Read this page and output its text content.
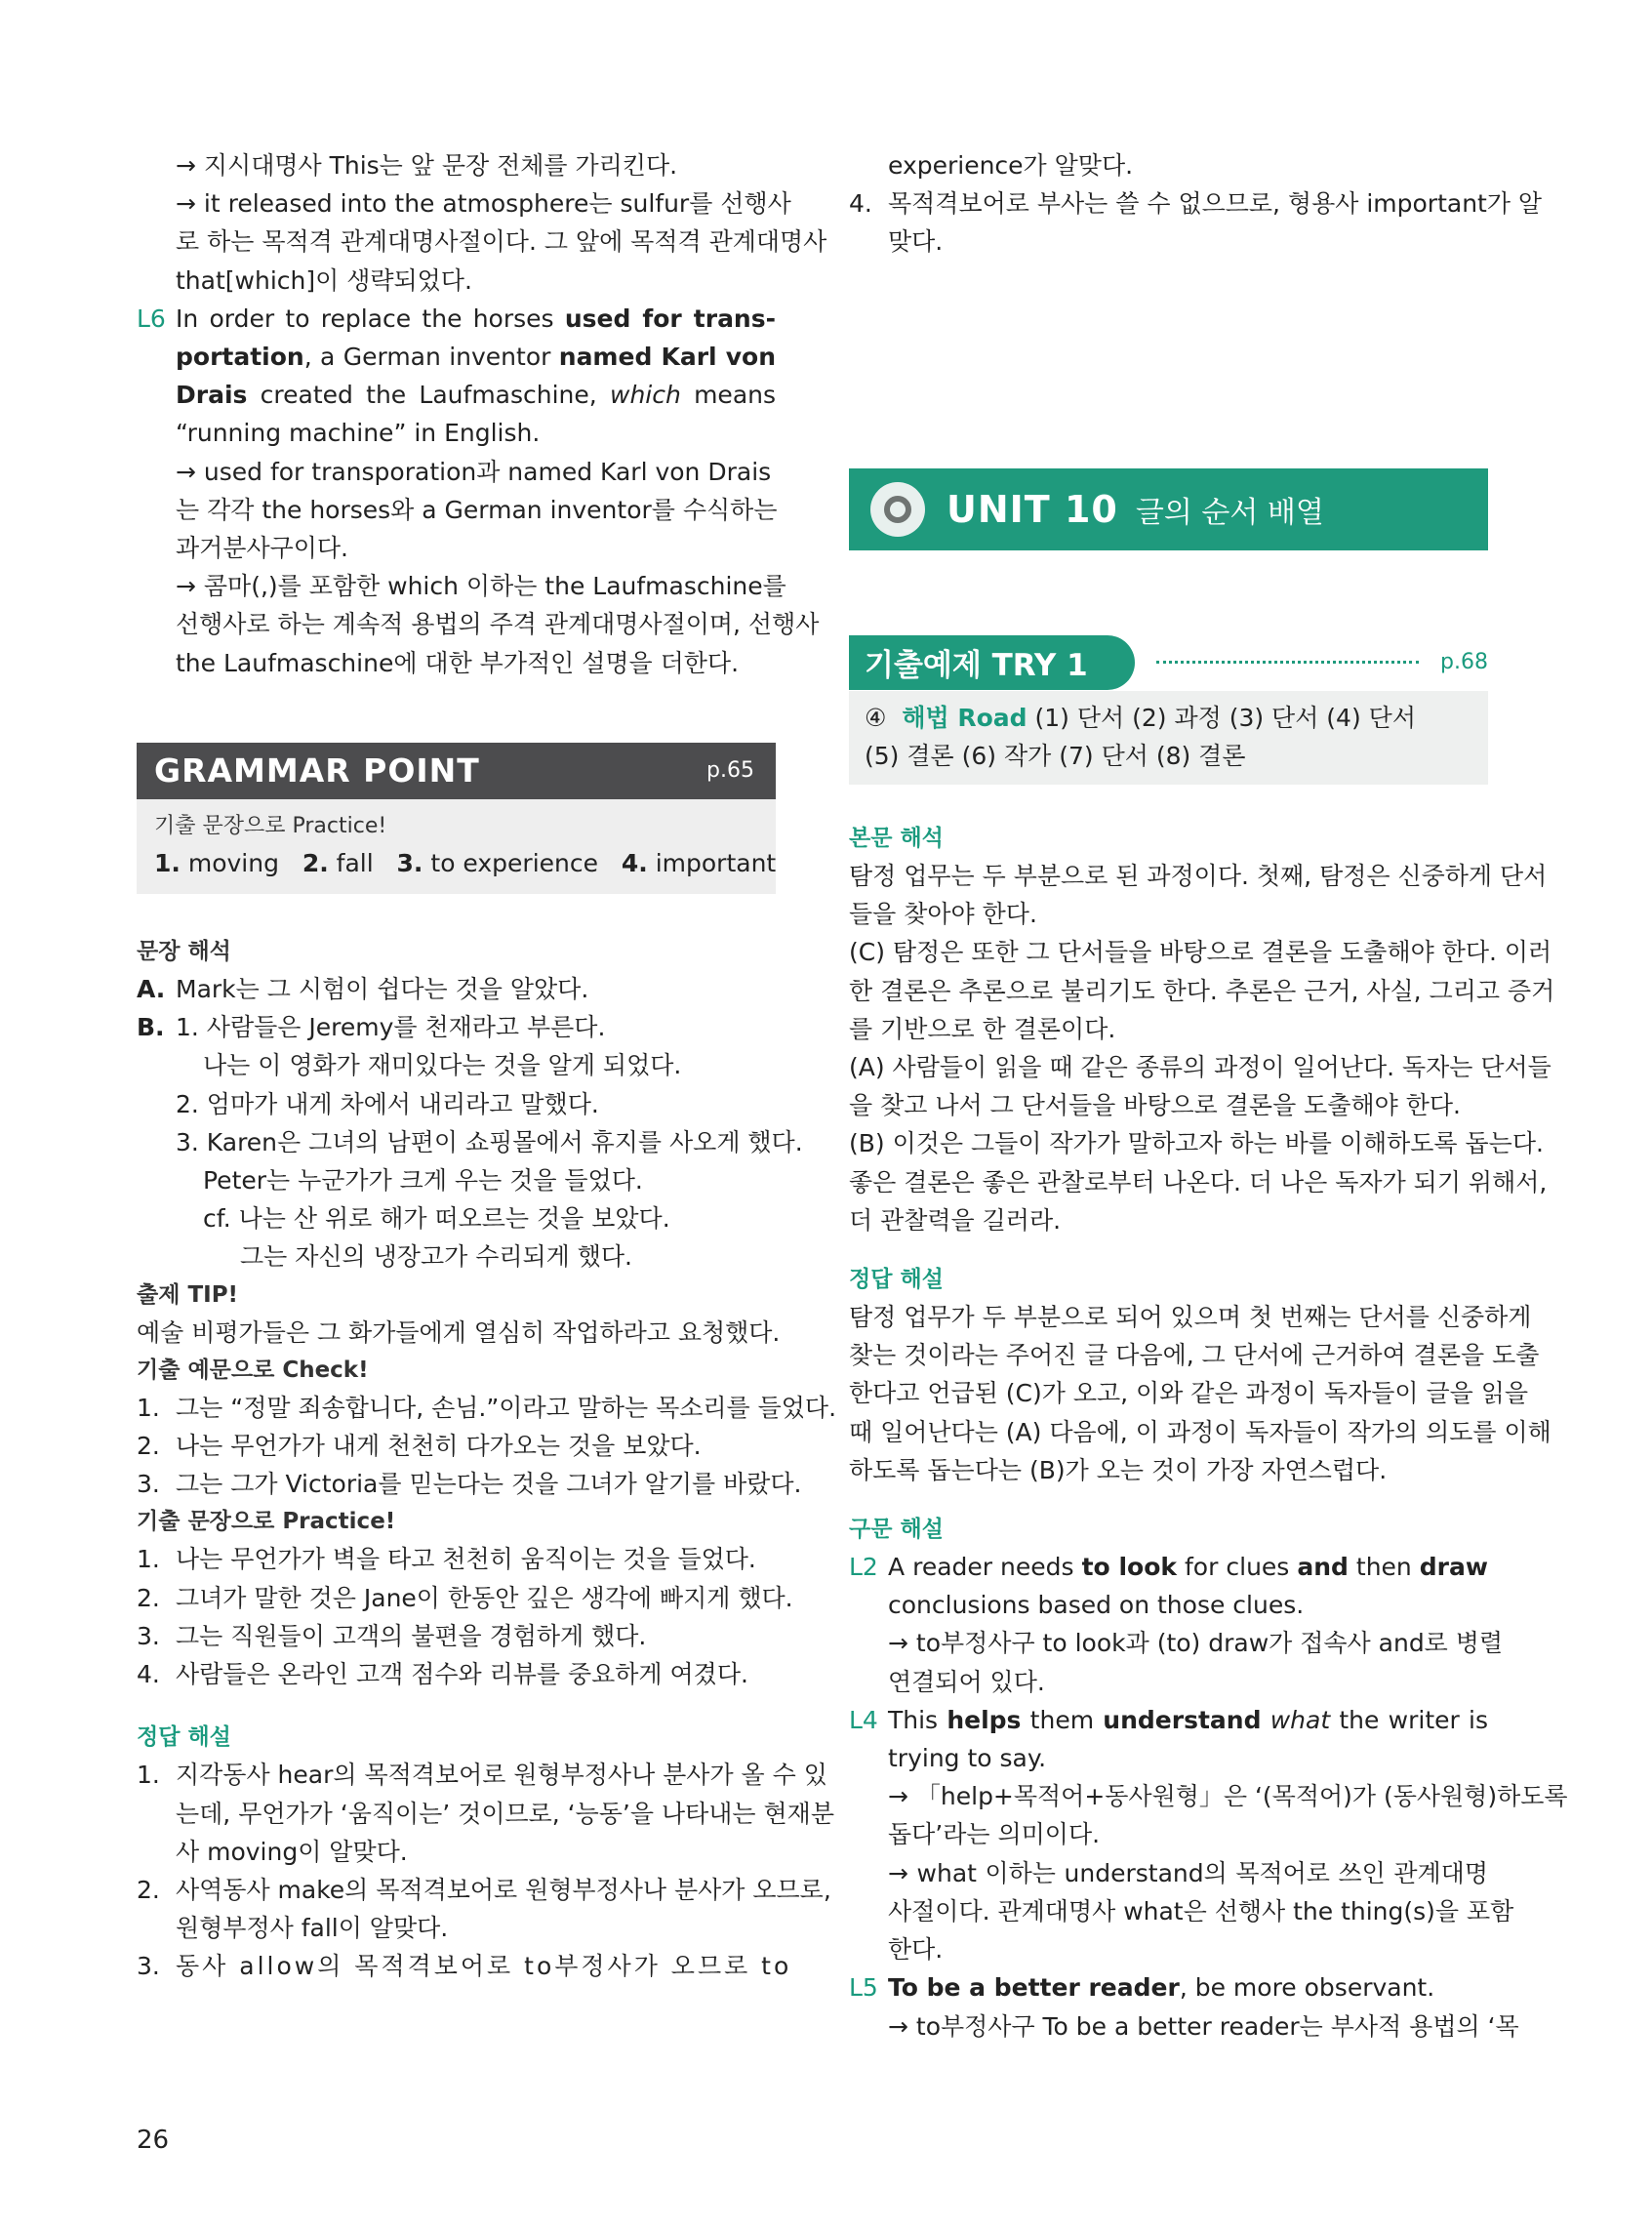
→ 지시대명사 This는 앞 문장 전체를 가리킨다.
→ it released into the atmosphere는 sulfur를 선행사
로 하는 목적격 관계대명사절이다. 그 앞에 목적격 관계대명사
that[which]이 생략되었다.
L6 In order to replace the horses used for trans-
portation, a German inventor named Karl von
Drais created the Laufmaschine, which means
“running machine” in English.
→ used for transporation과 named Karl von Drais
는 각각 the horses와 a German inventor를 수식하는
과거분사구이다.
→ 콤마(,)를 포함한 which 이하는 the Laufmaschine를
선행사로 하는 계속적 용법의 주격 관계대명사절이며, 선행사
the Laufmaschine에 대한 부가적인 설명을 더한다.
GRAMMAR POINT	p.65
기출 문장으로 Practice!
1. moving 2. fall 3. to experience 4. important
문장 해석
A. Mark는 그 시험이 쉽다는 것을 알았다.
B. 1. 사람들은 Jeremy를 천재라고 부른다.
나는 이 영화가 재미있다는 것을 알게 되었다.
2. 엄마가 내게 차에서 내리라고 말했다.
3. Karen은 그녀의 남편이 쇼핑몰에서 휴지를 사오게 했다.
Peter는 누군가가 크게 우는 것을 들었다.
cf. 나는 산 위로 해가 떠오르는 것을 보았다.
그는 자신의 냉장고가 수리되게 했다.
출제 TIP!
예술 비평가들은 그 화가들에게 열심히 작업하라고 요청했다.
기출 예문으로 Check!
1. 그는 “정말 죄송합니다, 손님.”이라고 말하는 목소리를 들었다.
2. 나는 무언가가 내게 천천히 다가오는 것을 보았다.
3. 그는 그가 Victoria를 믿는다는 것을 그녀가 알기를 바랐다.
기출 문장으로 Practice!
1. 나는 무언가가 벽을 타고 천천히 움직이는 것을 들었다.
2. 그녀가 말한 것은 Jane이 한동안 깊은 생각에 빠지게 했다.
3. 그는 직원들이 고객의 불편을 경험하게 했다.
4. 사람들은 온라인 고객 점수와 리뷰를 중요하게 여겼다.
정답 해설
1. 지각동사 hear의 목적격보어로 원형부정사나 분사가 올 수 있
는데, 무언가가 ‘움직이는’ 것이므로, ‘능동’을 나타내는 현재분
사 moving이 알맞다.
2. 사역동사 make의 목적격보어로 원형부정사나 분사가 오므로,
원형부정사 fall이 알맞다.
3. 동사 allow의 목적격보어로 to부정사가 오므로 to
26
experience가 알맞다.
4. 목적격보어로 부사는 쓸 수 없으므로, 형용사 important가 알
맞다.
UNIT 10 글의 순서 배열
기출예제 TRY 1	p.68
④ 해법 Road (1) 단서 (2) 과정 (3) 단서 (4) 단서
(5) 결론 (6) 작가 (7) 단서 (8) 결론
본문 해석
탐정 업무는 두 부분으로 된 과정이다. 첫째, 탐정은 신중하게 단서
들을 찾아야 한다.
(C) 탐정은 또한 그 단서들을 바탕으로 결론을 도출해야 한다. 이러
한 결론은 추론으로 불리기도 한다. 추론은 근거, 사실, 그리고 증거
를 기반으로 한 결론이다.
(A) 사람들이 읽을 때 같은 종류의 과정이 일어난다. 독자는 단서들
을 찾고 나서 그 단서들을 바탕으로 결론을 도출해야 한다.
(B) 이것은 그들이 작가가 말하고자 하는 바를 이해하도록 돕는다.
좋은 결론은 좋은 관찰로부터 나온다. 더 나은 독자가 되기 위해서,
더 관찰력을 길러라.
정답 해설
탐정 업무가 두 부분으로 되어 있으며 첫 번째는 단서를 신중하게
찾는 것이라는 주어진 글 다음에, 그 단서에 근거하여 결론을 도출
한다고 언급된 (C)가 오고, 이와 같은 과정이 독자들이 글을 읽을
때 일어난다는 (A) 다음에, 이 과정이 독자들이 작가의 의도를 이해
하도록 돕는다는 (B)가 오는 것이 가장 자연스럽다.
구문 해설
L2 A reader needs to look for clues and then draw
conclusions based on those clues.
→ to부정사구 to look과 (to) draw가 접속사 and로 병렬
연결되어 있다.
L4 This helps them understand what the writer is
trying to say.
→ 「help+목적어+동사원형」은 ‘(목적어)가 (동사원형)하도록
돕다’라는 의미이다.
→ what 이하는 understand의 목적어로 쓰인 관계대명
사절이다. 관계대명사 what은 선행사 the thing(s)을 포함
한다.
L5 To be a better reader, be more observant.
→ to부정사구 To be a better reader는 부사적 용법의 ‘목
